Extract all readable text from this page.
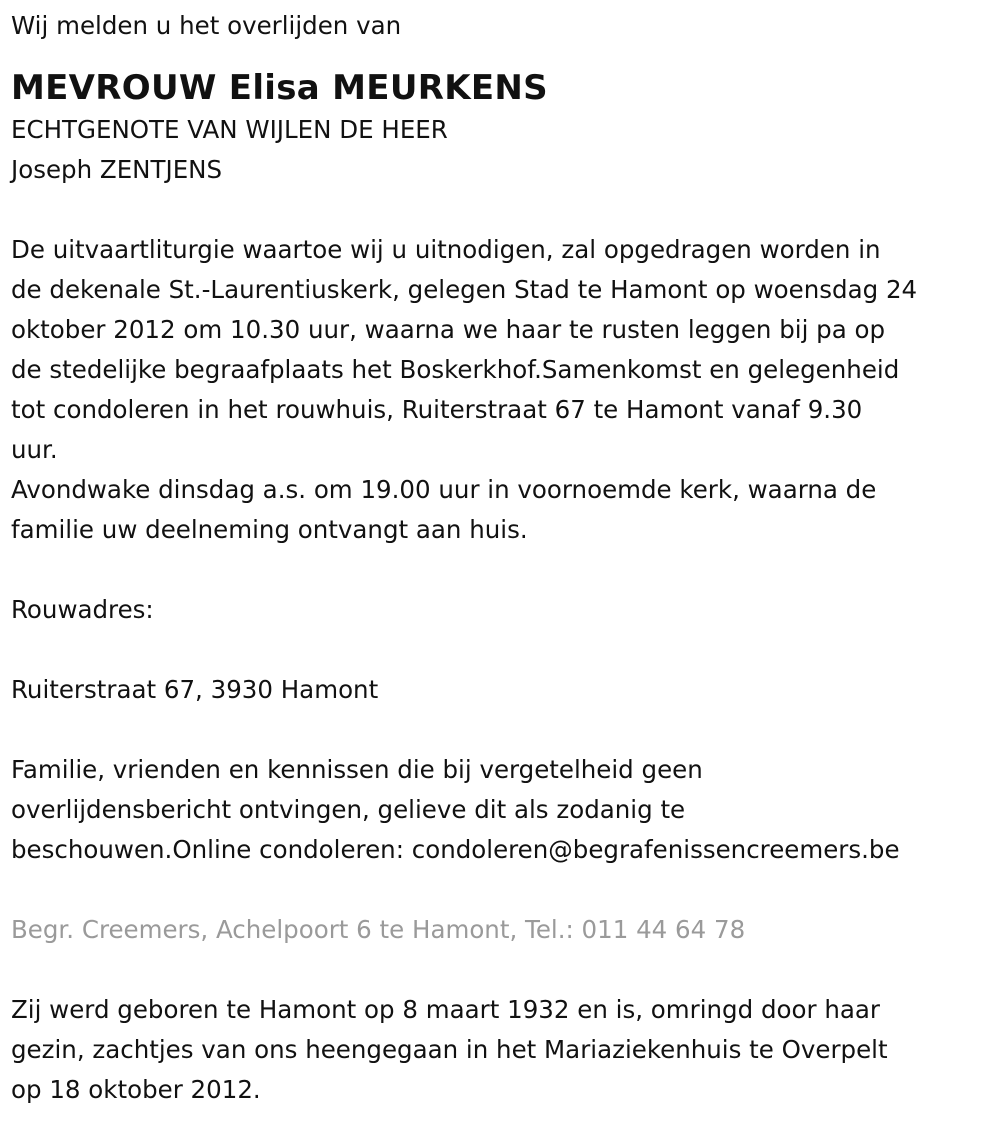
Wij melden u het overlijden van

MEVROUW Elisa MEURKENS
ECHTGENOTE VAN WIJLEN DE HEER
Joseph ZENTJENS

De uitvaartliturgie waartoe wij u uitnodigen, zal opgedragen worden in

de dekenale St.-Laurentiuskerk, gelegen Stad te Hamont op woensdag 24

oktober 2012 om 10.30 uur, waarna we haar te rusten leggen bij pa op

de stedelijke begraafplaats het Boskerkhof.Samenkomst en gelegenheid

tot condoleren in het rouwhuis, Ruiterstraat 67 te Hamont vanaf 9.30

uur.

Avondwake dinsdag a.s. om 19.00 uur in voornoemde kerk, waarna de

familie uw deelneming ontvangt aan huis.

Rouwadres:

Ruiterstraat 67, 3930 Hamont

Familie, vrienden en kennissen die bij vergetelheid geen

overlijdensbericht ontvingen, gelieve dit als zodanig te

beschouwen.Online condoleren: condoleren@begrafenissencreemers.be

Begr. Creemers, Achelpoort 6 te Hamont, Tel.: 011 44 64 78

Zij werd geboren te Hamont op 8 maart 1932 en is, omringd door haar

gezin, zachtjes van ons heengegaan in het Mariaziekenhuis te Overpelt

op 18 oktober 2012.
